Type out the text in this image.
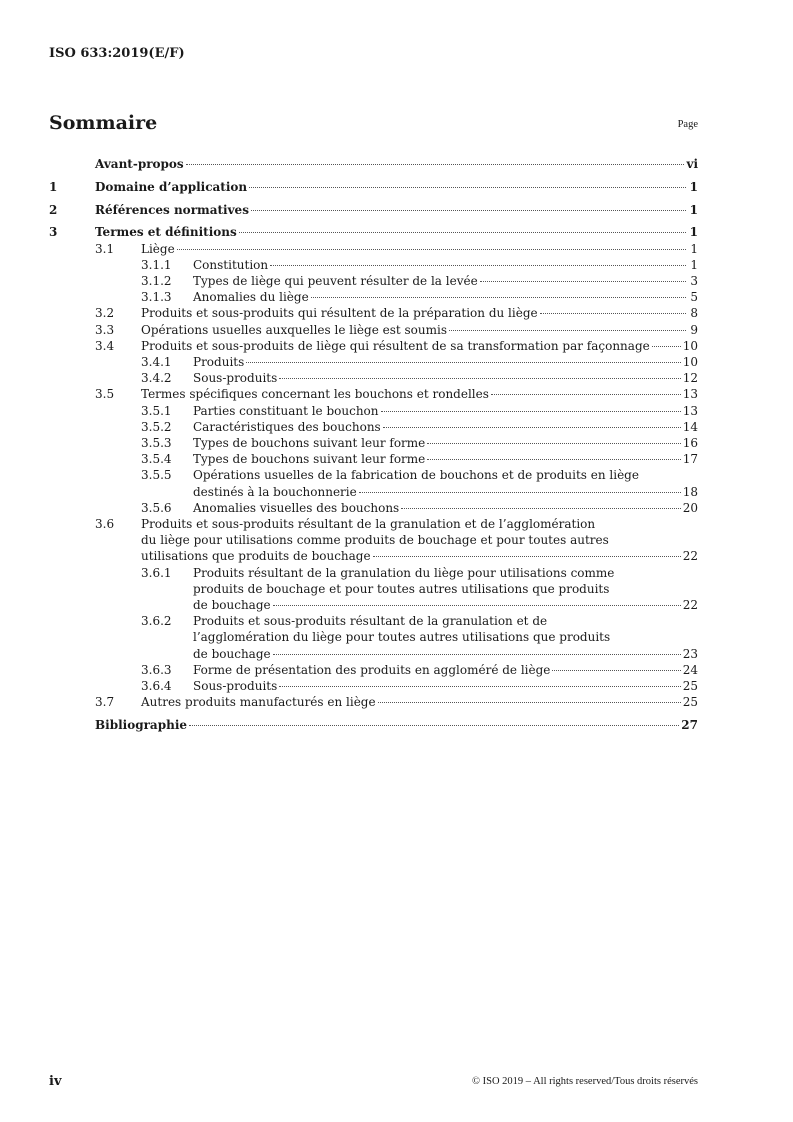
ISO 633:2019(E/F)
Sommaire	Page
Avant-propos	vi
1	Domaine d’application	1
2	Références normatives	1
3	Termes et définitions	1
3.1	Liège	1
3.1.1	Constitution	1
3.1.2	Types de liège qui peuvent résulter de la levée	3
3.1.3	Anomalies du liège	5
3.2	Produits et sous-produits qui résultent de la préparation du liège	8
3.3	Opérations usuelles auxquelles le liège est soumis	9
3.4	Produits et sous-produits de liège qui résultent de sa transformation par façonnage	10
3.4.1	Produits	10
3.4.2	Sous-produits	12
3.5	Termes spécifiques concernant les bouchons et rondelles	13
3.5.1	Parties constituant le bouchon	13
3.5.2	Caractéristiques des bouchons	14
3.5.3	Types de bouchons suivant leur forme	16
3.5.4	Types de bouchons suivant leur forme	17
3.5.5	Opérations usuelles de la fabrication de bouchons et de produits en liège
destinés à la bouchonnerie	18
3.5.6	Anomalies visuelles des bouchons	20
3.6	Produits et sous-produits résultant de la granulation et de l’agglomération
du liège pour utilisations comme produits de bouchage et pour toutes autres
utilisations que produits de bouchage	22
3.6.1	Produits résultant de la granulation du liège pour utilisations comme
produits de bouchage et pour toutes autres utilisations que produits
de bouchage	22
3.6.2	Produits et sous-produits résultant de la granulation et de
l’agglomération du liège pour toutes autres utilisations que produits
de bouchage	23
3.6.3	Forme de présentation des produits en aggloméré de liège	24
3.6.4	Sous-produits	25
3.7	Autres produits manufacturés en liège	25
Bibliographie	27
iv	© ISO 2019 – All rights reserved/Tous droits réservés
